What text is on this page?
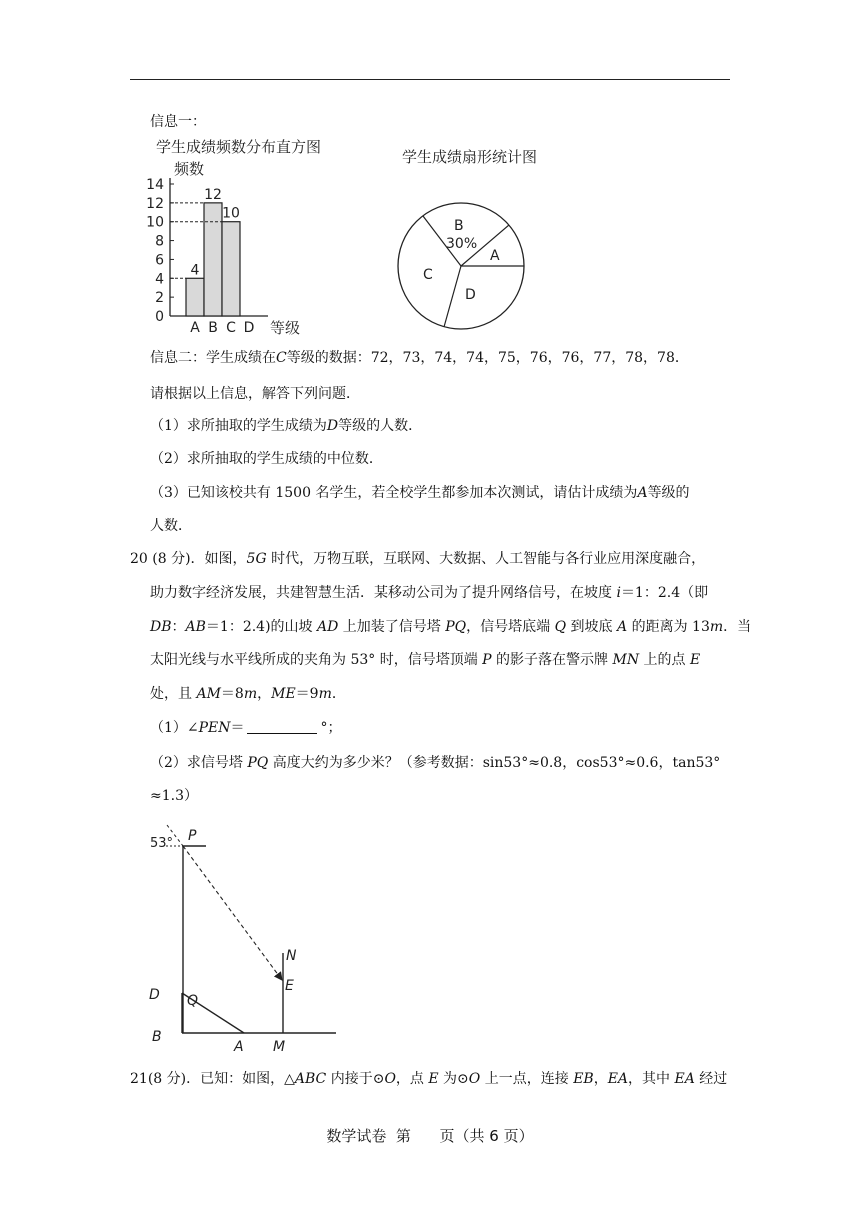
信息一：
学生成绩频数分布直方图
频数
0
2
4
6
8
10
12
14
4
A
12
B
10
C D 等级
学生成绩扇形统计图
B
30%
A
C
D
信息二：学生成绩在C等级的数据：72，73，74，74，75，76，76，77，78，78．
请根据以上信息，解答下列问题．
（1）求所抽取的学生成绩为D等级的人数．
（2）求所抽取的学生成绩的中位数．
（3）已知该校共有 1500 名学生，若全校学生都参加本次测试，请估计成绩为A等级的
人数．
20 (8 分)．如图，5G 时代，万物互联，互联网、大数据、人工智能与各行业应用深度融合，
助力数字经济发展，共建智慧生活．某移动公司为了提升网络信号，在坡度 i＝1：2.4（即
DB：AB＝1：2.4)的山坡 AD 上加装了信号塔 PQ，信号塔底端 Q 到坡底 A 的距离为 13m．当
太阳光线与水平线所成的夹角为 53° 时，信号塔顶端 P 的影子落在警示牌 MN 上的点 E
处，且 AM＝8m，ME＝9m．
（1）∠PEN＝	°；
（2）求信号塔 PQ 高度大约为多少米？（参考数据：sin53°≈0.8，cos53°≈0.6，tan53°
≈1.3）
53° P
N
E
D Q
B
A M
21(8 分)．已知：如图，△ABC 内接于⊙O，点 E 为⊙O 上一点，连接 EB，EA，其中 EA 经过
数学试卷  第      页（共 6 页）
